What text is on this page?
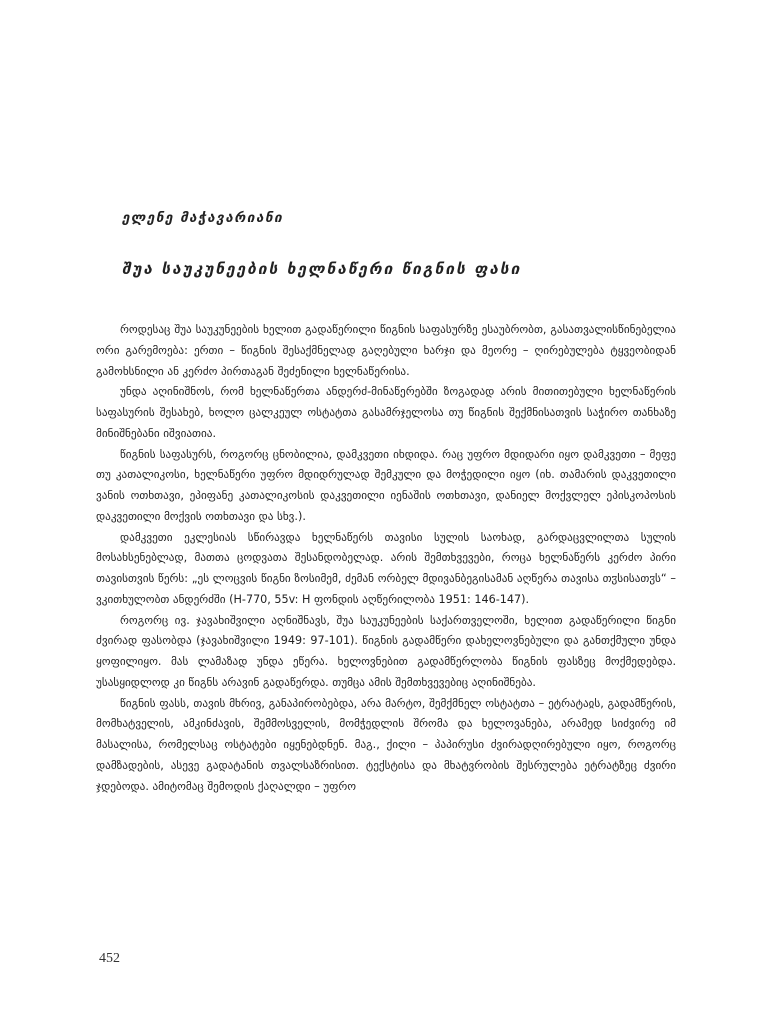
ელენე მაჭავარიანი
შუა საუკუნეების ხელნაწერი წიგნის ფასი

როდესაც შუა საუკუნეების ხელით გადაწერილი წიგნის საფასურზე ესაუბრობთ, გასათვალისწინებელია ორი გარემოება: ერთი – წიგნის შესაქმნელად გაღებული ხარჯი და მეორე – ღირებულება ტყვეობიდან გამოხსნილი ან კერძო პირთაგან შეძენილი ხელნაწერისა.

უნდა აღინიშნოს, რომ ხელნაწერთა ანდერძ-მინაწერებში ზოგადად არის მითითებული ხელნაწერის საფასურის შესახებ, ხოლო ცალკეულ ოსტატთა გასამრჯელოსა თუ წიგნის შექმნისათვის საჭირო თანხაზე მინიშნებანი იშვიათია.

წიგნის საფასურს, როგორც ცნობილია, დამკვეთი იხდიდა. რაც უფრო მდიდარი იყო დამკვეთი – მეფე თუ კათალიკოსი, ხელნაწერი უფრო მდიდრულად შემკული და მოჭედილი იყო (იხ. თამარის დაკვეთილი ვანის ოთხთავი, ეპიფანე კათალიკოსის დაკვეთილი იენაშის ოთხთავი, დანიელ მოქვლელ ეპისკოპოსის დაკვეთილი მოქვის ოთხთავი და სხვ.).

დამკვეთი ეკლესიას სწირავდა ხელნაწერს თავისი სულის საოხად, გარდაცვლილთა სულის მოსახსენებლად, მათთა ცოდვათა შესანდობელად. არის შემთხვევები, როცა ხელნაწერს კერძო პირი თავისთვის წერს: „ეს ლოცვის წიგნი ზოსიმემ, ძემან ორბელ მდივანბეგისამან აღწერა თავისა თჳსისათჳს“ – ვკითხულობთ ანდერძში (H-770, 55v: H ფონდის აღწერილობა 1951: 146-147).

როგორც ივ. ჯავახიშვილი აღნიშნავს, შუა საუკუნეების საქართველოში, ხელით გადაწერილი წიგნი ძვირად ფასობდა (ჯავახიშვილი 1949: 97-101). წიგნის გადამწერი დახელოვნებული და განთქმული უნდა ყოფილიყო. მას ლამაზად უნდა ეწერა. ხელოვნებით გადამწერლობა წიგნის ფასზეც მოქმედებდა. უსასყიდლოდ კი წიგნს არავინ გადაწერდა. თუმცა ამის შემთხვევებიც აღინიშნება.

წიგნის ფასს, თავის მხრივ, განაპირობებდა, არა მარტო, შემქმნელ ოსტატთა – ეტრატაჲს, გადამწერის, მომხატველის, ამკინძავის, შემმოსველის, მომჭედლის შრომა და ხელოვანება, არამედ სიძვირე იმ მასალისა, რომელსაც ოსტატები იყენებდნენ. მაგ., ქილი – პაპირუსი ძვირადღირებული იყო, როგორც დამზადების, ასევე გადატანის თვალსაზრისით. ტექსტისა და მხატვრობის შესრულება ეტრატზეც ძვირი ჯდებოდა. ამიტომაც შემოდის ქაღალდი – უფრო

452
